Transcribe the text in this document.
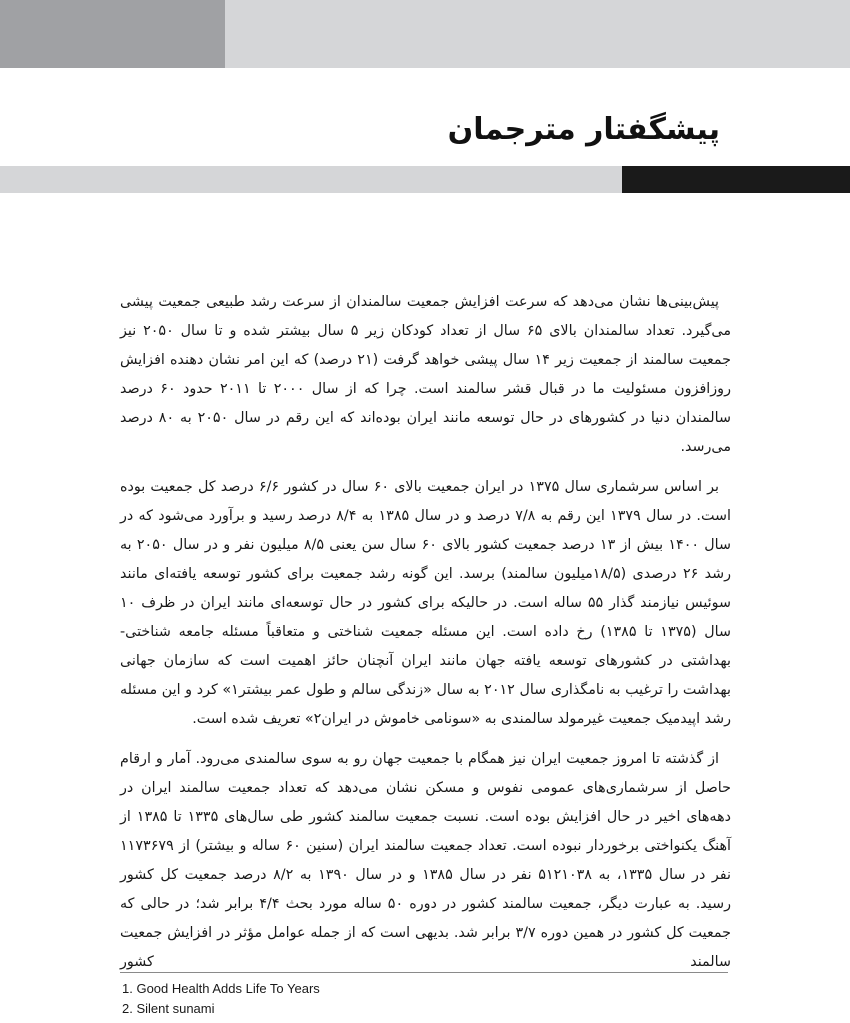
پیشگفتار مترجمان

پیش‌بینی‌ها نشان می‌دهد که سرعت افزایش جمعیت سالمندان از سرعت رشد طبیعی جمعیت پیشی می‌گیرد. تعداد سالمندان بالای ۶۵ سال از تعداد کودکان زیر ۵ سال بیشتر شده و تا سال ۲۰۵۰ نیز جمعیت سالمند از جمعیت زیر ۱۴ سال پیشی خواهد گرفت (۲۱ درصد) که این امر نشان دهنده افزایش روزافزون مسئولیت ما در قبال قشر سالمند است. چرا که از سال ۲۰۰۰ تا ۲۰۱۱ حدود ۶۰ درصد سالمندان دنیا در کشورهای در حال توسعه مانند ایران بوده‌اند که این رقم در سال ۲۰۵۰ به ۸۰ درصد می‌رسد.

بر اساس سرشماری سال ۱۳۷۵ در ایران جمعیت بالای ۶۰ سال در کشور ۶/۶ درصد کل جمعیت بوده است. در سال ۱۳۷۹ این رقم به ۷/۸ درصد و در سال ۱۳۸۵ به ۸/۴ درصد رسید و برآورد می‌شود که در سال ۱۴۰۰ بیش از ۱۳ درصد جمعیت کشور بالای ۶۰ سال سن یعنی ۸/۵ میلیون نفر و در سال ۲۰۵۰ به رشد ۲۶ درصدی (۱۸/۵میلیون سالمند) برسد. این گونه رشد جمعیت برای کشور توسعه یافته‌ای مانند سوئیس نیازمند گذار ۵۵ ساله است. در حالیکه برای کشور در حال توسعه‌ای مانند ایران در ظرف ۱۰ سال (۱۳۷۵ تا ۱۳۸۵) رخ داده است. این مسئله جمعیت شناختی و متعاقباً مسئله جامعه شناختی- بهداشتی در کشورهای توسعه یافته جهان مانند ایران آنچنان حائز اهمیت است که سازمان جهانی بهداشت را ترغیب به نامگذاری سال ۲۰۱۲ به سال «زندگی سالم و طول عمر بیشتر۱» کرد و این مسئله رشد اپیدمیک جمعیت غیرمولد سالمندی به «سونامی خاموش در ایران۲» تعریف شده است.

از گذشته تا امروز جمعیت ایران نیز همگام با جمعیت جهان رو به سوی سالمندی می‌رود. آمار و ارقام حاصل از سرشماری‌های عمومی نفوس و مسکن نشان می‌دهد که تعداد جمعیت سالمند ایران در دهه‌های اخیر در حال افزایش بوده است. نسبت جمعیت سالمند کشور طی سال‌های ۱۳۳۵ تا ۱۳۸۵ از آهنگ یکنواختی برخوردار نبوده است. تعداد جمعیت سالمند ایران (سنین ۶۰ ساله و بیشتر) از ۱۱۷۳۶۷۹ نفر در سال ۱۳۳۵، به ۵۱۲۱۰۳۸ نفر در سال ۱۳۸۵ و در سال ۱۳۹۰ به ۸/۲ درصد جمعیت کل کشور رسید. به عبارت دیگر، جمعیت سالمند کشور در دوره ۵۰ ساله مورد بحث ۴/۴ برابر شد؛ در حالی که جمعیت کل کشور در همین دوره ۳/۷ برابر شد. بدیهی است که از جمله عوامل مؤثر در افزایش جمعیت سالمند کشور

1. Good Health Adds Life To Years
2. Silent sunami
